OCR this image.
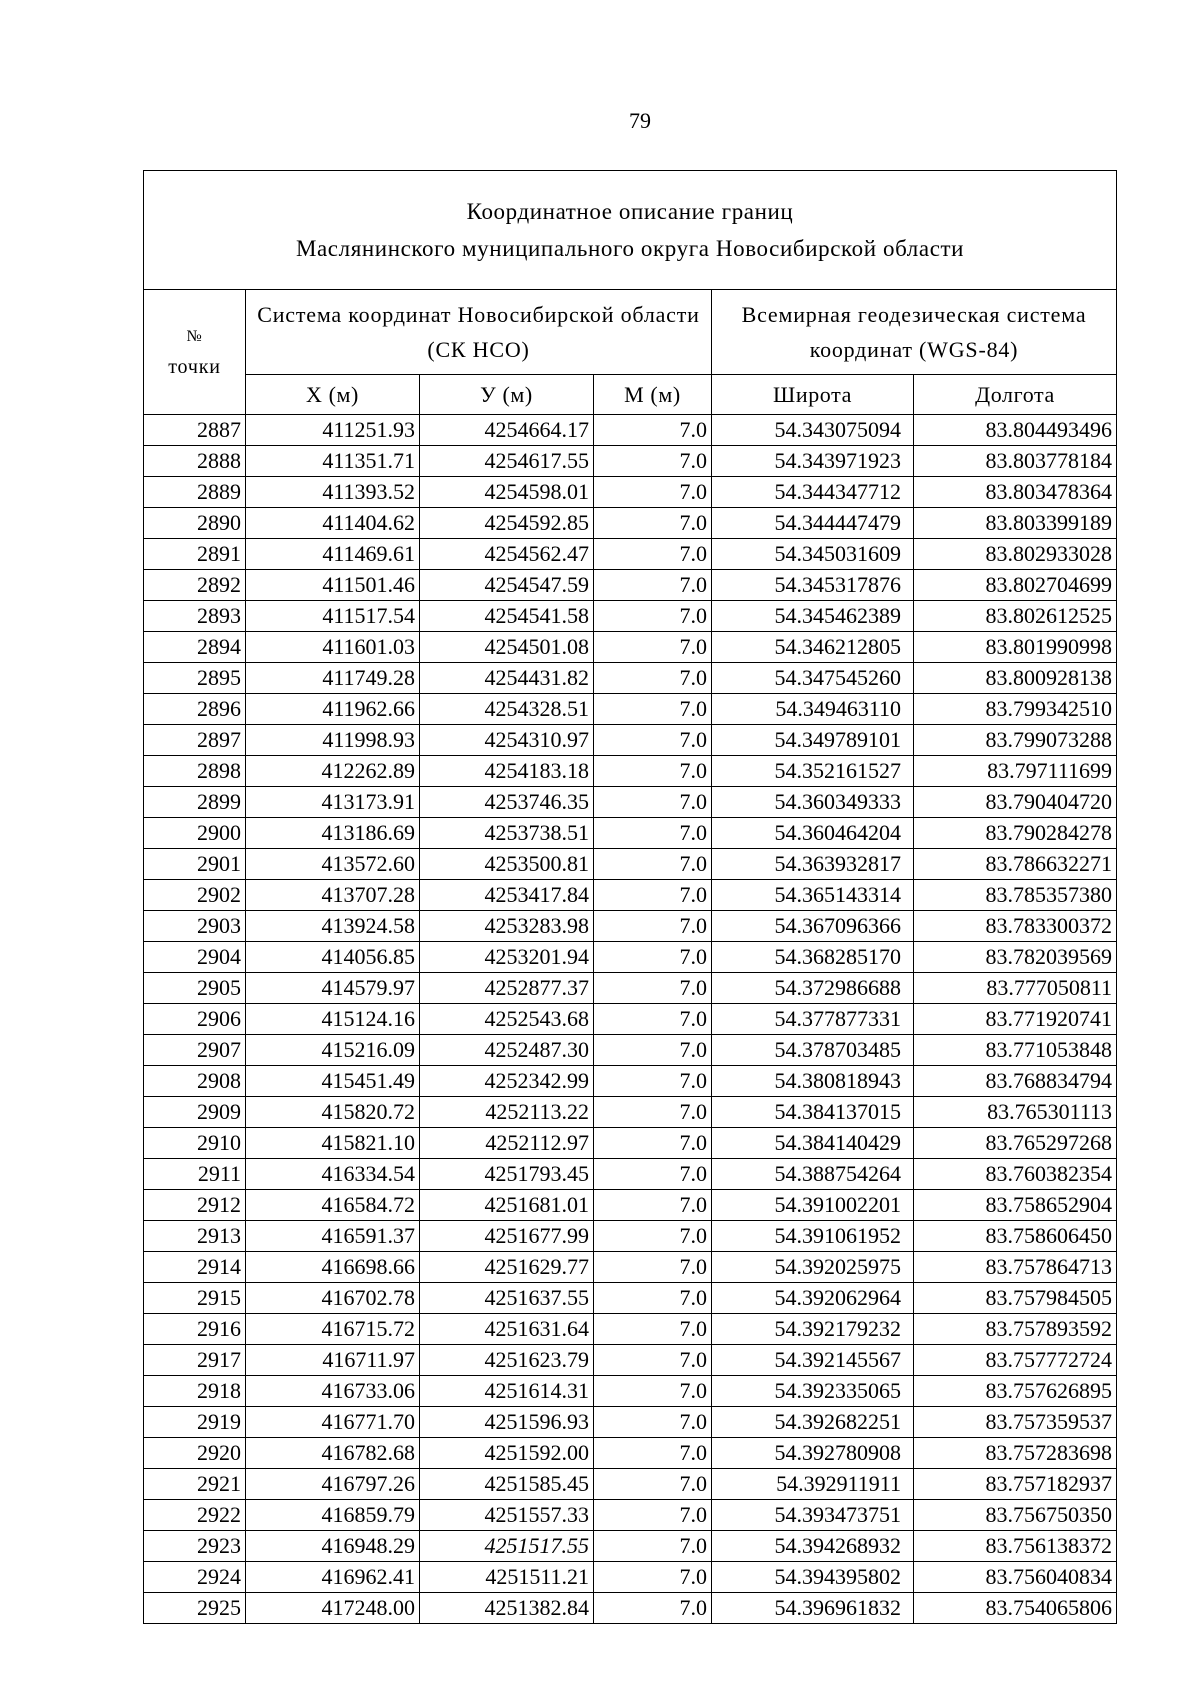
79
Координатное описание границ
Маслянинского муниципального округа Новосибирской области					

№
точки	Система координат Новосибирской области (СК НСО)			Всемирная геодезическая система координат (WGS-84)	
	X (м)	У (м)	М (м)	Широта	Долгота
2887	411251.93	4254664.17	7.0	54.343075094	83.804493496
2888	411351.71	4254617.55	7.0	54.343971923	83.803778184
2889	411393.52	4254598.01	7.0	54.344347712	83.803478364
2890	411404.62	4254592.85	7.0	54.344447479	83.803399189
2891	411469.61	4254562.47	7.0	54.345031609	83.802933028
2892	411501.46	4254547.59	7.0	54.345317876	83.802704699
2893	411517.54	4254541.58	7.0	54.345462389	83.802612525
2894	411601.03	4254501.08	7.0	54.346212805	83.801990998
2895	411749.28	4254431.82	7.0	54.347545260	83.800928138
2896	411962.66	4254328.51	7.0	54.349463110	83.799342510
2897	411998.93	4254310.97	7.0	54.349789101	83.799073288
2898	412262.89	4254183.18	7.0	54.352161527	83.797111699
2899	413173.91	4253746.35	7.0	54.360349333	83.790404720
2900	413186.69	4253738.51	7.0	54.360464204	83.790284278
2901	413572.60	4253500.81	7.0	54.363932817	83.786632271
2902	413707.28	4253417.84	7.0	54.365143314	83.785357380
2903	413924.58	4253283.98	7.0	54.367096366	83.783300372
2904	414056.85	4253201.94	7.0	54.368285170	83.782039569
2905	414579.97	4252877.37	7.0	54.372986688	83.777050811
2906	415124.16	4252543.68	7.0	54.377877331	83.771920741
2907	415216.09	4252487.30	7.0	54.378703485	83.771053848
2908	415451.49	4252342.99	7.0	54.380818943	83.768834794
2909	415820.72	4252113.22	7.0	54.384137015	83.765301113
2910	415821.10	4252112.97	7.0	54.384140429	83.765297268
2911	416334.54	4251793.45	7.0	54.388754264	83.760382354
2912	416584.72	4251681.01	7.0	54.391002201	83.758652904
2913	416591.37	4251677.99	7.0	54.391061952	83.758606450
2914	416698.66	4251629.77	7.0	54.392025975	83.757864713
2915	416702.78	4251637.55	7.0	54.392062964	83.757984505
2916	416715.72	4251631.64	7.0	54.392179232	83.757893592
2917	416711.97	4251623.79	7.0	54.392145567	83.757772724
2918	416733.06	4251614.31	7.0	54.392335065	83.757626895
2919	416771.70	4251596.93	7.0	54.392682251	83.757359537
2920	416782.68	4251592.00	7.0	54.392780908	83.757283698
2921	416797.26	4251585.45	7.0	54.392911911	83.757182937
2922	416859.79	4251557.33	7.0	54.393473751	83.756750350
2923	416948.29	4251517.55	7.0	54.394268932	83.756138372
2924	416962.41	4251511.21	7.0	54.394395802	83.756040834
2925	417248.00	4251382.84	7.0	54.396961832	83.754065806
